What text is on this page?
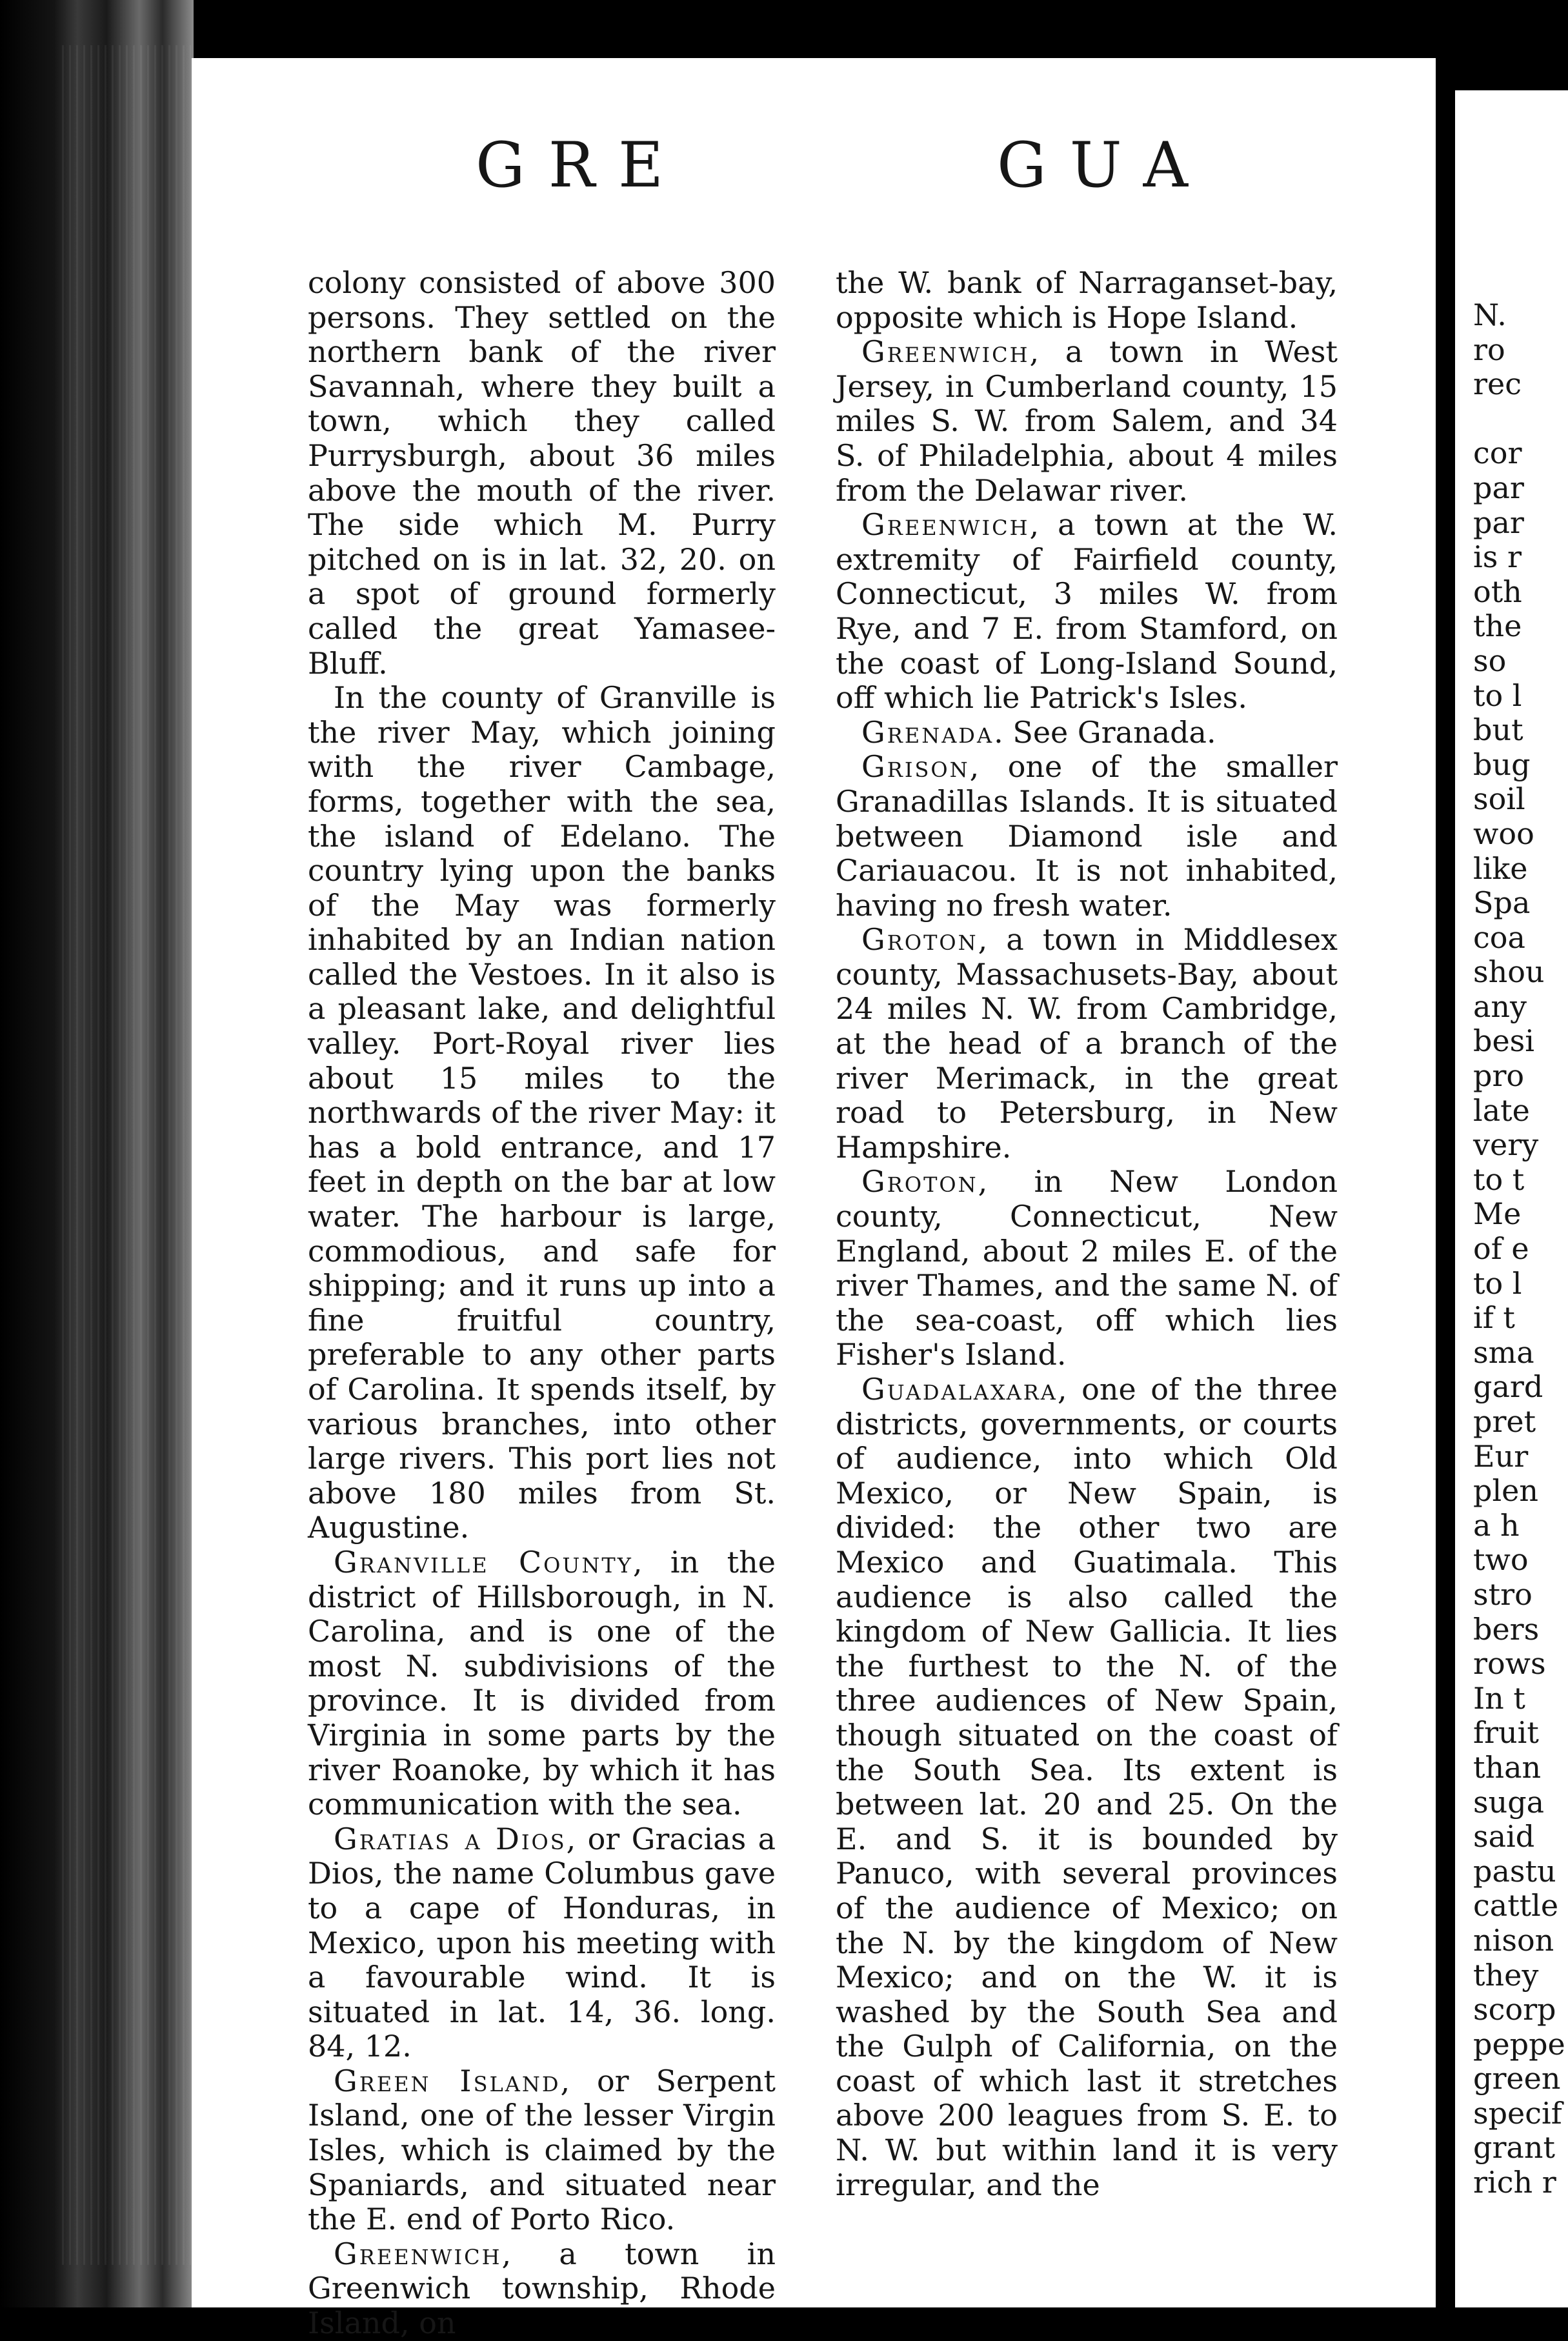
GRE	GUA

colony consisted of above 300 persons. They settled on the northern bank of the river Savannah, where they built a town, which they called Purrysburgh, about 36 miles above the mouth of the river. The side which M. Purry pitched on is in lat. 32, 20. on a spot of ground formerly called the great Yamasee-Bluff.

In the county of Granville is the river May, which joining with the river Cambage, forms, together with the sea, the island of Edelano. The country lying upon the banks of the May was formerly inhabited by an Indian nation called the Vestoes. In it also is a pleasant lake, and delightful valley. Port-Royal river lies about 15 miles to the northwards of the river May: it has a bold entrance, and 17 feet in depth on the bar at low water. The harbour is large, commodious, and safe for shipping; and it runs up into a fine fruitful country, preferable to any other parts of Carolina. It spends itself, by various branches, into other large rivers. This port lies not above 180 miles from St. Augustine.

Granville County, in the district of Hillsborough, in N. Carolina, and is one of the most N. subdivisions of the province. It is divided from Virginia in some parts by the river Roanoke, by which it has communication with the sea.

Gratias a Dios, or Gracias a Dios, the name Columbus gave to a cape of Honduras, in Mexico, upon his meeting with a favourable wind. It is situated in lat. 14, 36. long. 84, 12.

Green Island, or Serpent Island, one of the lesser Virgin Isles, which is claimed by the Spaniards, and situated near the E. end of Porto Rico.

Greenwich, a town in Greenwich township, Rhode Island, on

the W. bank of Narraganset-bay, opposite which is Hope Island.

Greenwich, a town in West Jersey, in Cumberland county, 15 miles S. W. from Salem, and 34 S. of Philadelphia, about 4 miles from the Delawar river.

Greenwich, a town at the W. extremity of Fairfield county, Connecticut, 3 miles W. from Rye, and 7 E. from Stamford, on the coast of Long-Island Sound, off which lie Patrick's Isles.

Grenada. See Granada.

Grison, one of the smaller Granadillas Islands. It is situated between Diamond isle and Cariauacou. It is not inhabited, having no fresh water.

Groton, a town in Middlesex county, Massachusets-Bay, about 24 miles N. W. from Cambridge, at the head of a branch of the river Merimack, in the great road to Petersburg, in New Hampshire.

Groton, in New London county, Connecticut, New England, about 2 miles E. of the river Thames, and the same N. of the sea-coast, off which lies Fisher's Island.

Guadalaxara, one of the three districts, governments, or courts of audience, into which Old Mexico, or New Spain, is divided: the other two are Mexico and Guatimala. This audience is also called the kingdom of New Gallicia. It lies the furthest to the N. of the three audiences of New Spain, though situated on the coast of the South Sea. Its extent is between lat. 20 and 25. On the E. and S. it is bounded by Panuco, with several provinces of the audience of Mexico; on the N. by the kingdom of New Mexico; and on the W. it is washed by the South Sea and the Gulph of California, on the coast of which last it stretches above 200 leagues from S. E. to N. W. but within land it is very irregular, and the

N.
ro
rec
cor
par
par
is r
oth
the
so
to l
but
bug
soil
woo
like
Spa
coa
shou
any
besi
pro
late
very
to t
Me
of e
to l
if t
sma
gard
pret
Eur
plen
a h
two
stro
bers
rows
In t
fruit
than
suga
said
pastu
cattle
nison
they
scorp
peppe
green
specif
grant
rich r
